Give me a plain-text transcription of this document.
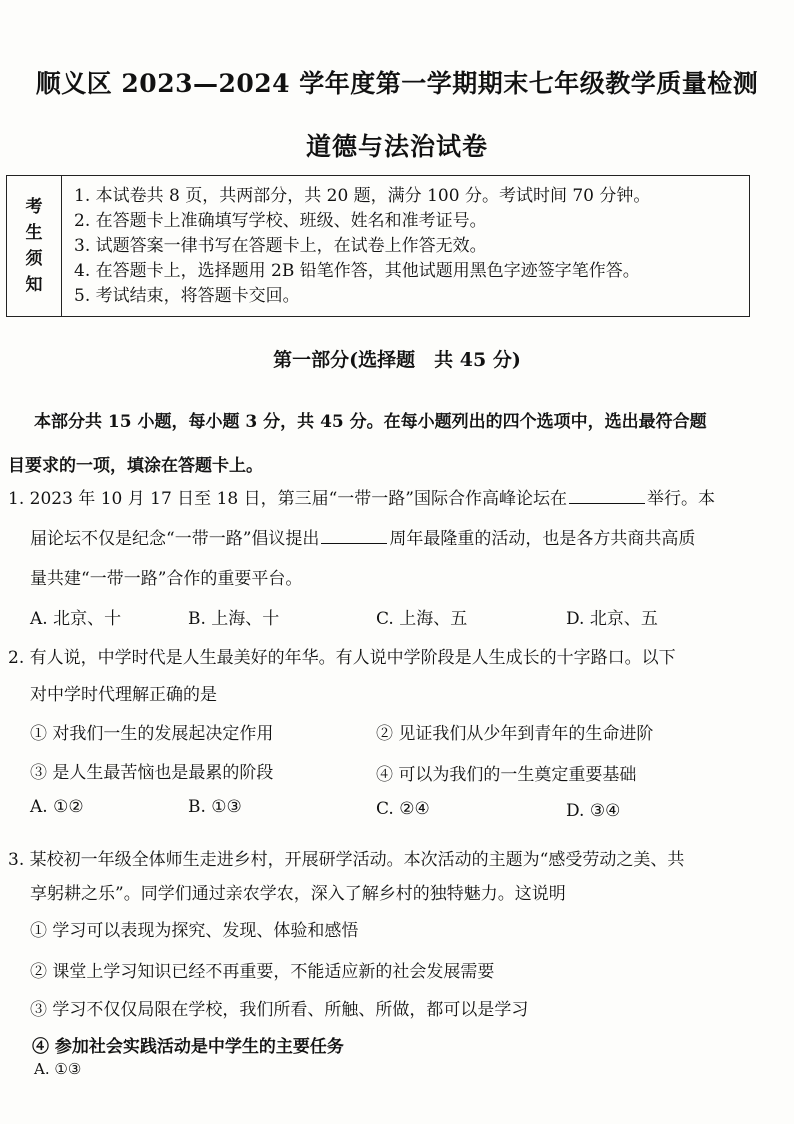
顺义区 2023—2024 学年度第一学期期末七年级教学质量检测
道德与法治试卷
考
生
须
知
1. 本试卷共 8 页，共两部分，共 20 题，满分 100 分。考试时间 70 分钟。
2. 在答题卡上准确填写学校、班级、姓名和准考证号。
3. 试题答案一律书写在答题卡上，在试卷上作答无效。
4. 在答题卡上，选择题用 2B 铅笔作答，其他试题用黑色字迹签字笔作答。
5. 考试结束，将答题卡交回。
第一部分(选择题　共 45 分)
本部分共 15 小题，每小题 3 分，共 45 分。在每小题列出的四个选项中，选出最符合题
目要求的一项，填涂在答题卡上。
1. 2023 年 10 月 17 日至 18 日，第三届“一带一路”国际合作高峰论坛在	举行。本
届论坛不仅是纪念“一带一路”倡议提出	周年最隆重的活动，也是各方共商共高质
量共建“一带一路”合作的重要平台。
A. 北京、十	B. 上海、十	C. 上海、五	D. 北京、五
2. 有人说，中学时代是人生最美好的年华。有人说中学阶段是人生成长的十字路口。以下
对中学时代理解正确的是
① 对我们一生的发展起决定作用	② 见证我们从少年到青年的生命进阶
③ 是人生最苦恼也是最累的阶段	④ 可以为我们的一生奠定重要基础
A. ①②	B. ①③	C. ②④	D. ③④
3. 某校初一年级全体师生走进乡村，开展研学活动。本次活动的主题为“感受劳动之美、共
享躬耕之乐”。同学们通过亲农学农，深入了解乡村的独特魅力。这说明
① 学习可以表现为探究、发现、体验和感悟
② 课堂上学习知识已经不再重要，不能适应新的社会发展需要
③ 学习不仅仅局限在学校，我们所看、所触、所做，都可以是学习
④ 参加社会实践活动是中学生的主要任务
A. ①③
